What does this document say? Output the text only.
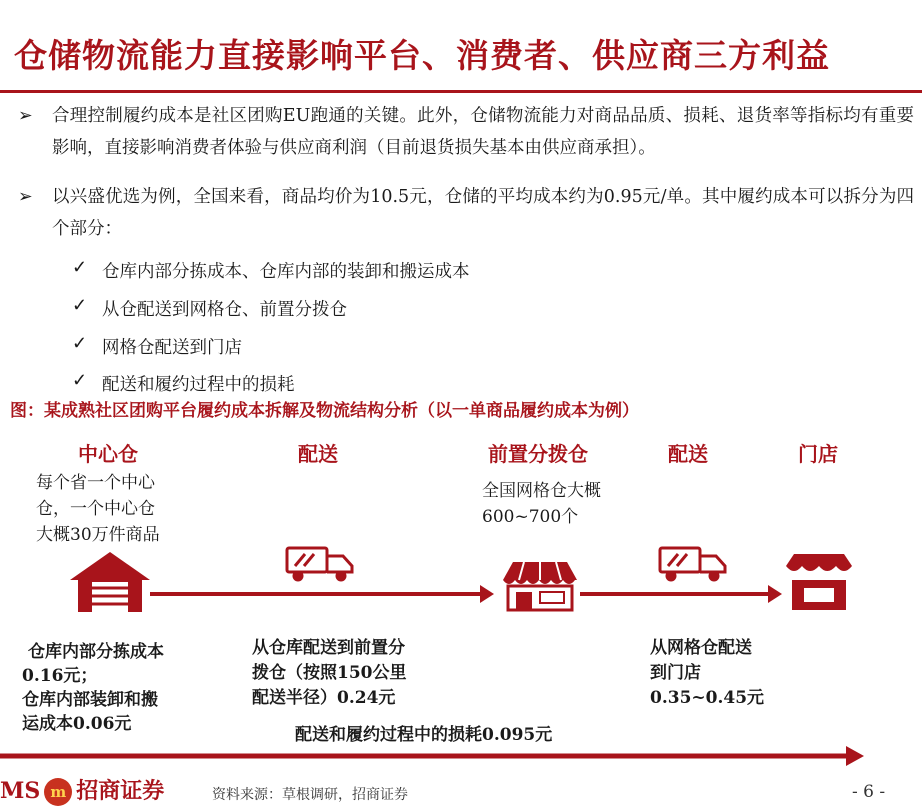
仓储物流能力直接影响平台、消费者、供应商三方利益
➢ 合理控制履约成本是社区团购EU跑通的关键。此外，仓储物流能力对商品品质、损耗、退货率等指标均有重要影响，直接影响消费者体验与供应商利润（目前退货损失基本由供应商承担）。
➢ 以兴盛优选为例，全国来看，商品均价为10.5元，仓储的平均成本约为0.95元/单。其中履约成本可以拆分为四个部分：
✓ 仓库内部分拣成本、仓库内部的装卸和搬运成本
✓ 从仓配送到网格仓、前置分拨仓
✓ 网格仓配送到门店
✓ 配送和履约过程中的损耗
图：某成熟社区团购平台履约成本拆解及物流结构分析（以一单商品履约成本为例）
中心仓	配送	前置分拨仓	配送	门店
每个省一个中心
仓，一个中心仓
大概30万件商品
全国网格仓大概
600~700个
仓库内部分拣成本
0.16元；
仓库内部装卸和搬
运成本0.06元
从仓库配送到前置分
拨仓（按照150公里
配送半径）0.24元
从网格仓配送
到门店
0.35~0.45元
配送和履约过程中的损耗0.095元
MS m 招商证券	资料来源：草根调研，招商证券	- 6 -
